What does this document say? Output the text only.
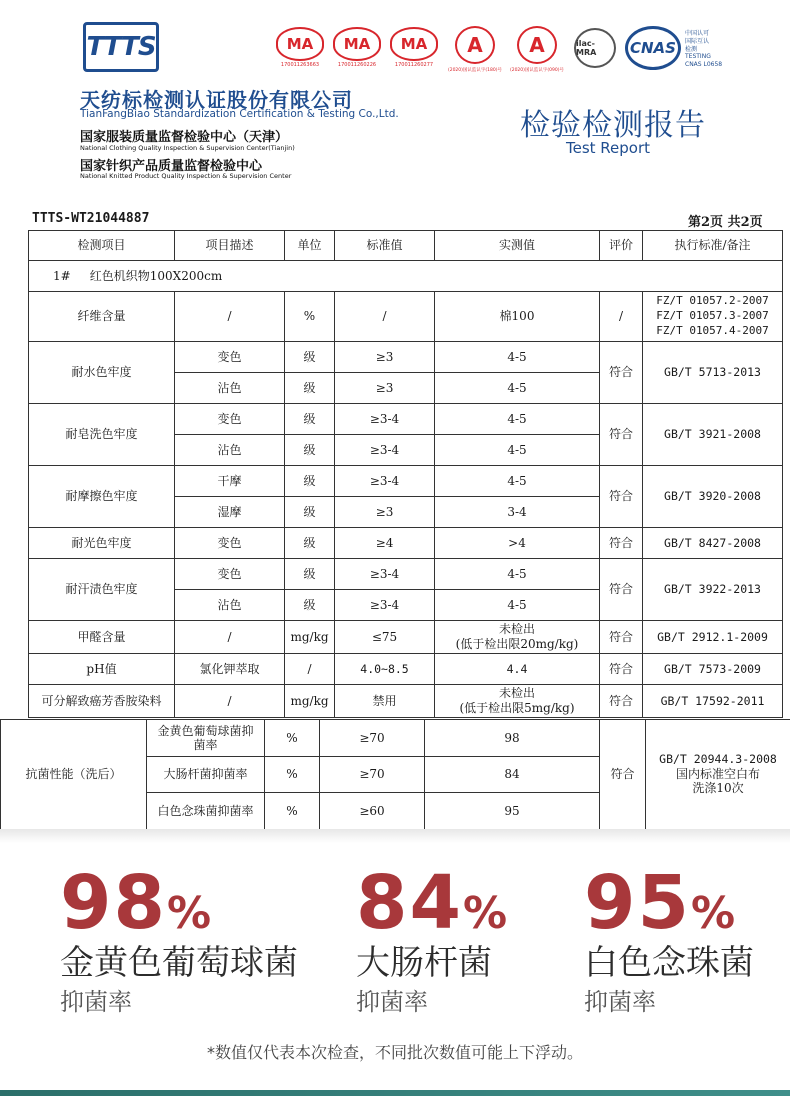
TTTS
天纺标检测认证股份有限公司
TianFangBiao Standardization Certification & Testing Co.,Ltd.
国家服装质量监督检验中心（天津）
National Clothing Quality Inspection & Supervision Center(Tianjin)
国家针织产品质量监督检验中心
National Knitted Product Quality Inspection & Supervision Center
检验检测报告
Test Report
MA
170011263663
MA
170011260226
MA
170011260277
A
(2020)国认监认字(180)号
A
(2020)国认监认字(090)号
ilac-MRA	CNAS
中国认可
国际互认
检测
TESTING
CNAS L0658
TTTS-WT21044887	第2页 共2页
检测项目	项目描述	单位	标准值	实测值	评价	执行标准/备注
1#     红色机织物100X200cm						
纤维含量	/	%	/	棉100	/	FZ/T 01057.2-2007
FZ/T 01057.3-2007
FZ/T 01057.4-2007

耐水色牢度	变色	级	≥3	4-5	符合	GB/T 5713-2013
	沾色	级	≥3	4-5		
耐皂洗色牢度	变色	级	≥3-4	4-5	符合	GB/T 3921-2008
	沾色	级	≥3-4	4-5		
耐摩擦色牢度	干摩	级	≥3-4	4-5	符合	GB/T 3920-2008
	湿摩	级	≥3	3-4		
耐光色牢度	变色	级	≥4	>4	符合	GB/T 8427-2008
耐汗渍色牢度	变色	级	≥3-4	4-5	符合	GB/T 3922-2013
	沾色	级	≥3-4	4-5		
甲醛含量	/	mg/kg	≤75	未检出
(低于检出限20mg/kg)	符合	GB/T 2912.1-2009
pH值	氯化钾萃取	/	4.0~8.5	4.4	符合	GB/T 7573-2009
可分解致癌芳香胺染料	/	mg/kg	禁用	未检出
(低于检出限5mg/kg)	符合	GB/T 17592-2011
抗菌性能（洗后）	金黄色葡萄球菌抑菌率	%	≥70	98	符合	GB/T 20944.3-2008
国内标准空白布
洗涤10次

	大肠杆菌抑菌率	%	≥70	84		
	白色念珠菌抑菌率	%	≥60	95		
98%
金黄色葡萄球菌
抑菌率
84%
大肠杆菌
抑菌率
95%
白色念珠菌
抑菌率
*数值仅代表本次检查，不同批次数值可能上下浮动。
